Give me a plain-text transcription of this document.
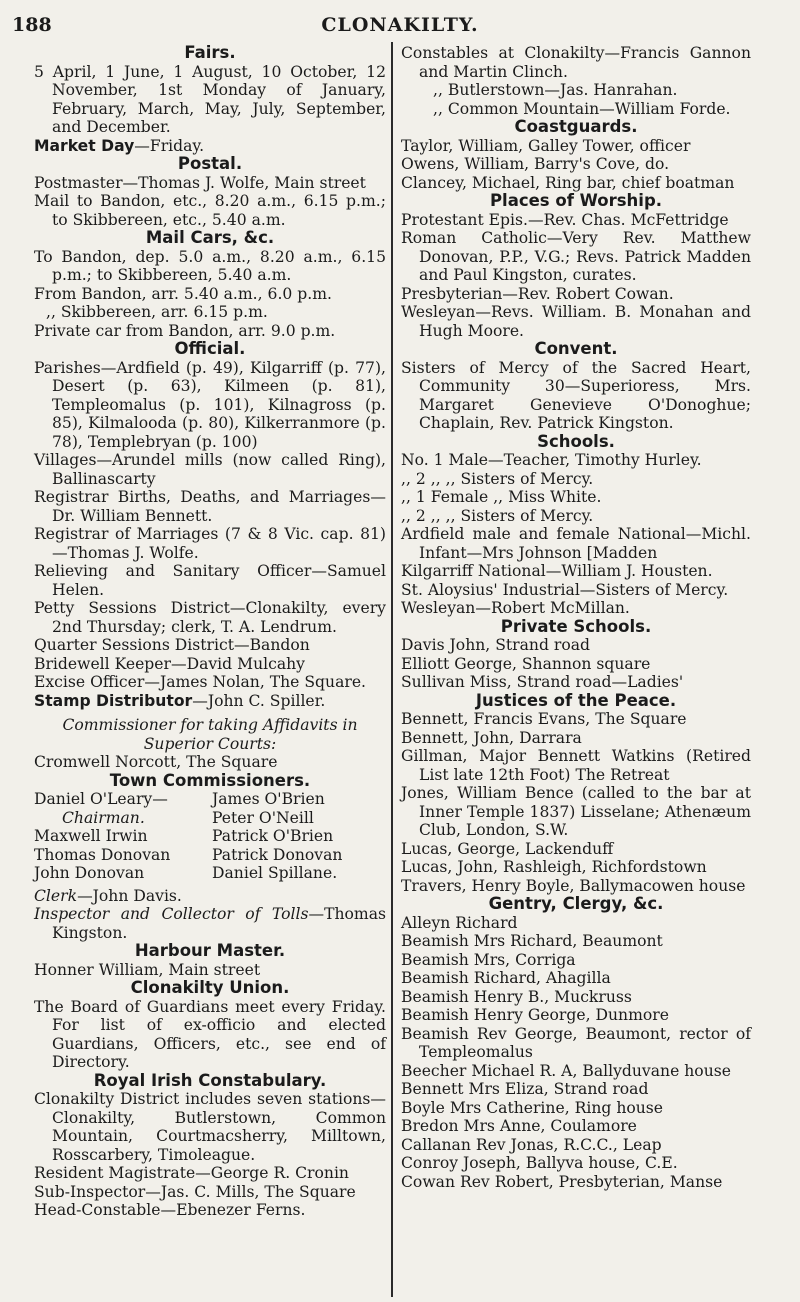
188	CLONAKILTY.

Fairs.

5 April, 1 June, 1 August, 10 October, 12 November, 1st Monday of January, February, March, May, July, September, and December.

Market Day—Friday.

Postal.

Postmaster—Thomas J. Wolfe, Main street

Mail to Bandon, etc., 8.20 a.m., 6.15 p.m.; to Skibbereen, etc., 5.40 a.m.

Mail Cars, &c.

To Bandon, dep. 5.0 a.m., 8.20 a.m., 6.15 p.m.; to Skibbereen, 5.40 a.m.

From Bandon, arr. 5.40 a.m., 6.0 p.m.

,, Skibbereen, arr. 6.15 p.m.

Private car from Bandon, arr. 9.0 p.m.

Official.

Parishes—Ardfield (p. 49), Kilgarriff (p. 77), Desert (p. 63), Kilmeen (p. 81), Templeomalus (p. 101), Kilnagross (p. 85), Kilmalooda (p. 80), Kilkerranmore (p. 78), Templebryan (p. 100)

Villages—Arundel mills (now called Ring), Ballinascarty

Registrar Births, Deaths, and Marriages—Dr. William Bennett.

Registrar of Marriages (7 & 8 Vic. cap. 81)—Thomas J. Wolfe.

Relieving and Sanitary Officer—Samuel Helen.

Petty Sessions District—Clonakilty, every 2nd Thursday; clerk, T. A. Lendrum.

Quarter Sessions District—Bandon

Bridewell Keeper—David Mulcahy

Excise Officer—James Nolan, The Square.

Stamp Distributor—John C. Spiller.

Commissioner for taking Affidavits in

Superior Courts:

Cromwell Norcott, The Square

Town Commissioners.

Daniel O'Leary—	James O'Brien
Chairman.	Peter O'Neill
Maxwell Irwin	Patrick O'Brien
Thomas Donovan	Patrick Donovan
John Donovan	Daniel Spillane.

Clerk—John Davis.

Inspector and Collector of Tolls—Thomas Kingston.

Harbour Master.

Honner William, Main street

Clonakilty Union.

The Board of Guardians meet every Friday. For list of ex-officio and elected Guardians, Officers, etc., see end of Directory.

Royal Irish Constabulary.

Clonakilty District includes seven stations—Clonakilty, Butlerstown, Common Mountain, Courtmacsherry, Milltown, Rosscarbery, Timoleague.

Resident Magistrate—George R. Cronin

Sub-Inspector—Jas. C. Mills, The Square

Head-Constable—Ebenezer Ferns.

Constables at Clonakilty—Francis Gannon and Martin Clinch.

,, Butlerstown—Jas. Hanrahan.

,, Common Mountain—William Forde.

Coastguards.

Taylor, William, Galley Tower, officer

Owens, William, Barry's Cove, do.

Clancey, Michael, Ring bar, chief boatman

Places of Worship.

Protestant Epis.—Rev. Chas. McFettridge

Roman Catholic—Very Rev. Matthew Donovan, P.P., V.G.; Revs. Patrick Madden and Paul Kingston, curates.

Presbyterian—Rev. Robert Cowan.

Wesleyan—Revs. William. B. Monahan and Hugh Moore.

Convent.

Sisters of Mercy of the Sacred Heart, Community 30—Superioress, Mrs. Margaret Genevieve O'Donoghue; Chaplain, Rev. Patrick Kingston.

Schools.

No. 1 Male—Teacher, Timothy Hurley.

,, 2 ,, ,, Sisters of Mercy.

,, 1 Female ,, Miss White.

,, 2 ,, ,, Sisters of Mercy.

Ardfield male and female National—Michl. Infant—Mrs Johnson [Madden

Kilgarriff National—William J. Housten.

St. Aloysius' Industrial—Sisters of Mercy.

Wesleyan—Robert McMillan.

Private Schools.

Davis John, Strand road

Elliott George, Shannon square

Sullivan Miss, Strand road—Ladies'

Justices of the Peace.

Bennett, Francis Evans, The Square

Bennett, John, Darrara

Gillman, Major Bennett Watkins (Retired List late 12th Foot) The Retreat

Jones, William Bence (called to the bar at Inner Temple 1837) Lisselane; Athenæum Club, London, S.W.

Lucas, George, Lackenduff

Lucas, John, Rashleigh, Richfordstown

Travers, Henry Boyle, Ballymacowen house

Gentry, Clergy, &c.

Alleyn Richard

Beamish Mrs Richard, Beaumont

Beamish Mrs, Corriga

Beamish Richard, Ahagilla

Beamish Henry B., Muckruss

Beamish Henry George, Dunmore

Beamish Rev George, Beaumont, rector of Templeomalus

Beecher Michael R. A, Ballyduvane house

Bennett Mrs Eliza, Strand road

Boyle Mrs Catherine, Ring house

Bredon Mrs Anne, Coulamore

Callanan Rev Jonas, R.C.C., Leap

Conroy Joseph, Ballyva house, C.E.

Cowan Rev Robert, Presbyterian, Manse
